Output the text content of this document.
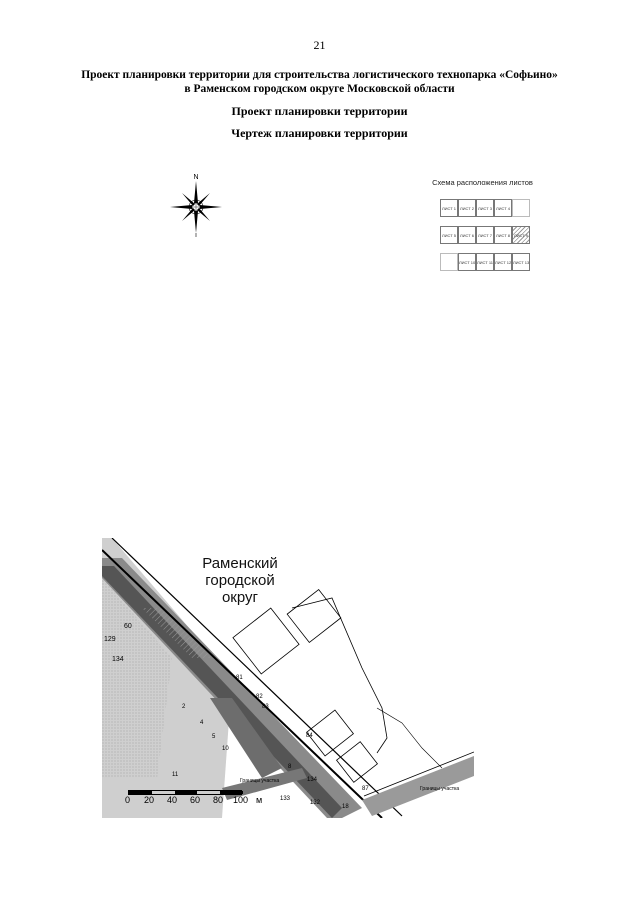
21
Проект планировки территории для строительства логистического технопарка «Софьино»
в Раменском городском округе Московской области
Проект планировки территории
Чертеж планировки территории
N
Схема расположения листов
ЛИСТ 1 ЛИСТ 2 ЛИСТ 3 ЛИСТ 4
ЛИСТ 5 ЛИСТ 6 ЛИСТ 7 ЛИСТ 8 ЛИСТ 9
ЛИСТ 10 ЛИСТ 11 ЛИСТ 12 ЛИСТ 13
129
134
60
81
82
83
84
87
2
4
5
10
11
8
134
133
132
18
Границы участка
Границы участка
Раменский
городской
округ
0 20 40 60 80 100 м
